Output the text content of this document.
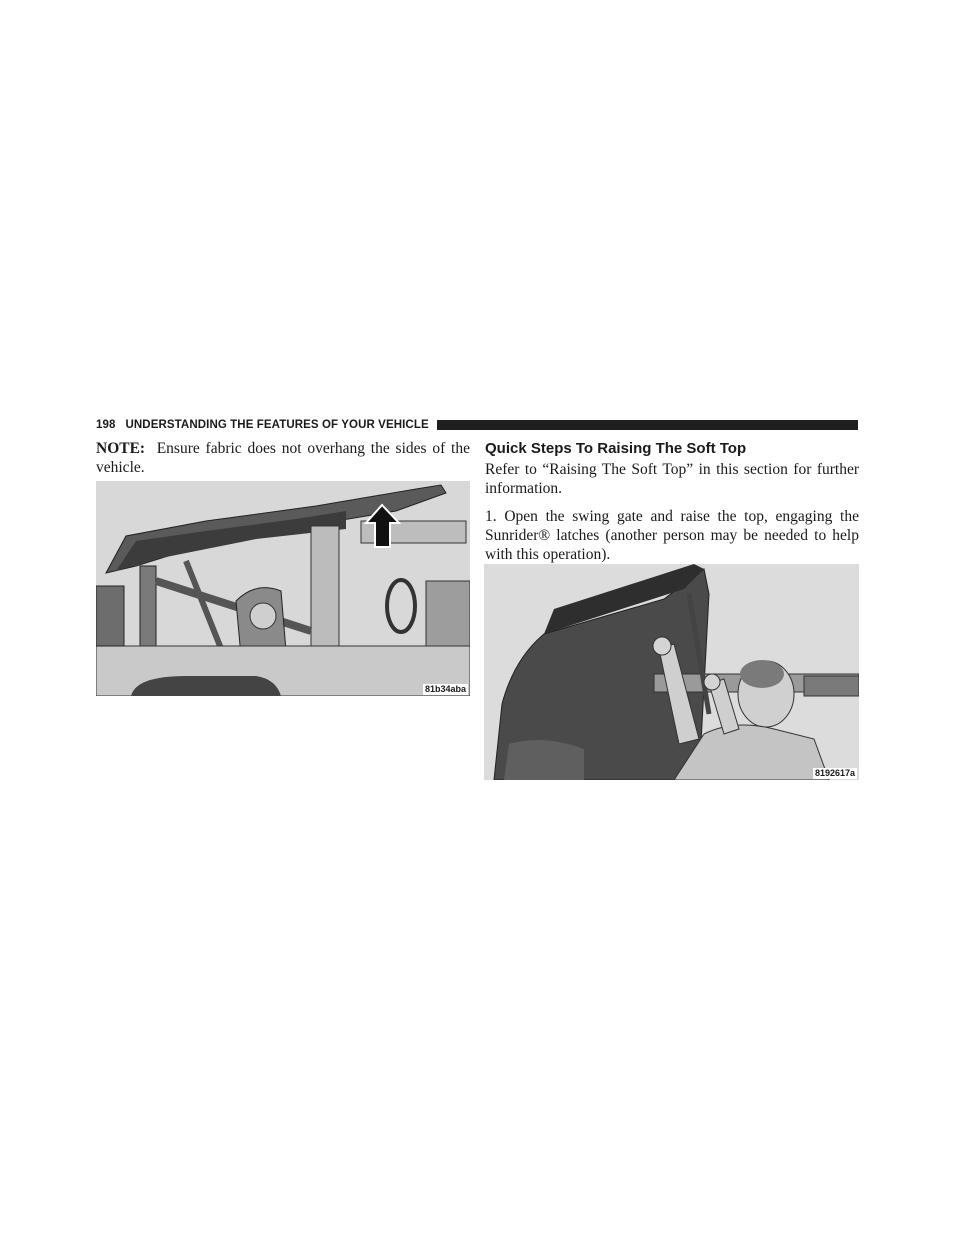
198 UNDERSTANDING THE FEATURES OF YOUR VEHICLE

NOTE: Ensure fabric does not overhang the sides of the vehicle.

81b34aba
Quick Steps To Raising The Soft Top

Refer to “Raising The Soft Top” in this section for further information.

1. Open the swing gate and raise the top, engaging the Sunrider® latches (another person may be needed to help with this operation).

8192617a
